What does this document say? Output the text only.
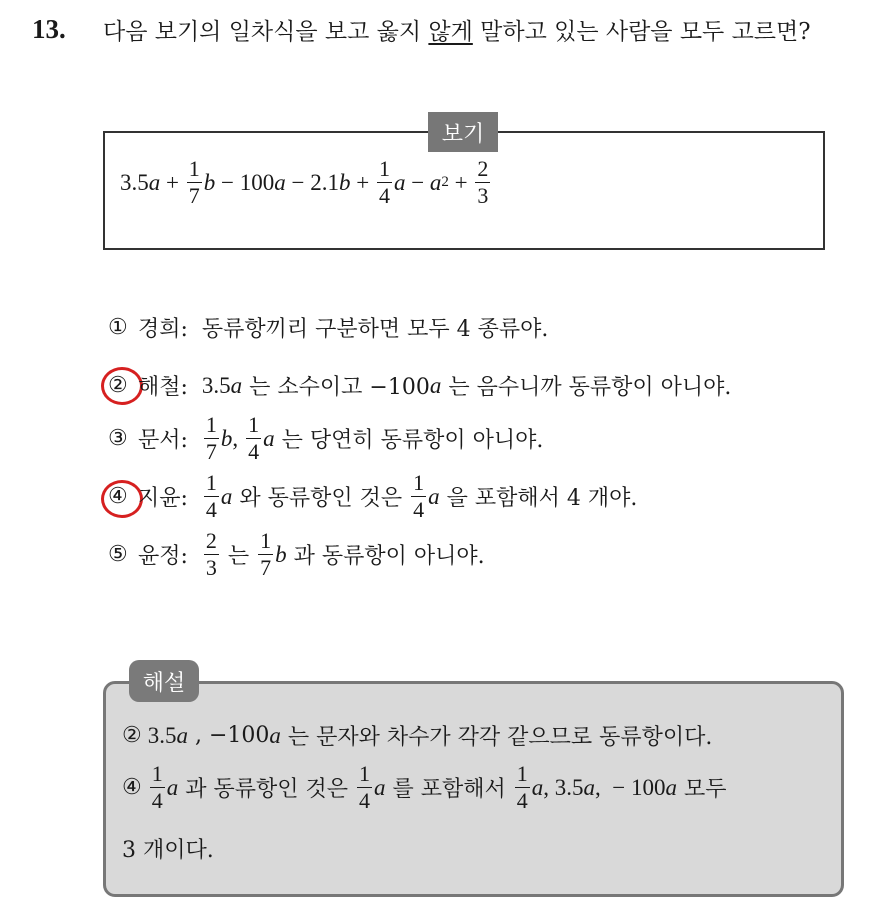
13. 다음 보기의 일차식을 보고 옳지 않게 말하고 있는 사람을 모두 고르면?
보기
3.5 $a + \frac{1}{7}$ b − 100 a − 2.1 $b + \frac{1}{4}$ a − a $2 + \frac{2}{3}$
① 경희: 동류항끼리 구분하면 모두 4 종류야.
② 해철: 3.5 a 는 소수이고 −100 a 는 음수니까 동류항이 아니야.
③ 문서: $\frac{1}{7}$ b , $\frac{1}{4}$ a 는 당연히 동류항이 아니야.
④ 지윤: $\frac{1}{4}$ a 와 동류항인 것은 $\frac{1}{4}$ a 을 포함해서 4 개야.
⑤ 윤정: $\frac{2}{3}$ 는 $\frac{1}{7}$ b 과 동류항이 아니야.
해설
② 3.5 a , −100 a 는 문자와 차수가 각각 같으므로 동류항이다.
④ $\frac{1}{4}$ a 과 동류항인 것은 $\frac{1}{4}$ a 를 포함해서 $\frac{1}{4}$ a , 3.5 a ,  − 100 a 모두
3 개이다.
